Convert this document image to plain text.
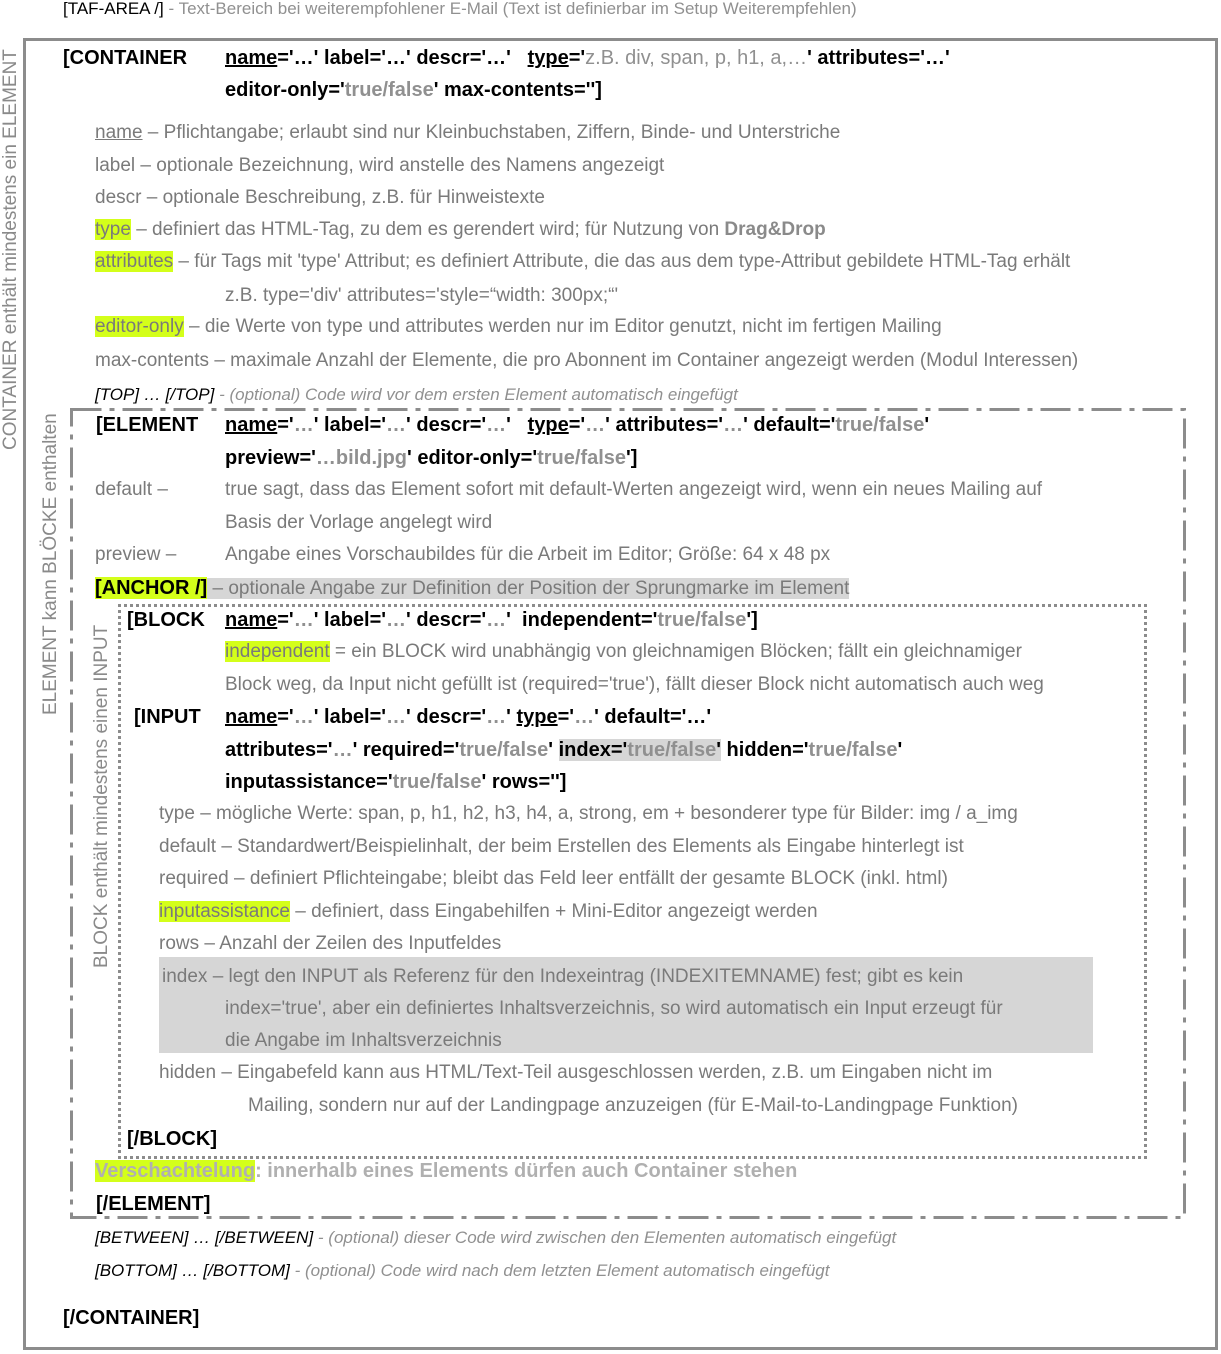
[TAF-AREA /] - Text-Bereich bei weiterempfohlener E-Mail (Text ist definierbar im Setup Weiterempfehlen)
CONTAINER enthält mindestens ein ELEMENT
ELEMENT kann BLÖCKE enthalten
BLOCK enthält mindestens einen INPUT
[CONTAINER name='…' label='…' descr='…' type='z.B. div, span, p, h1, a,…' attributes='…'
editor-only='true/false' max-contents='']
name – Pflichtangabe; erlaubt sind nur Kleinbuchstaben, Ziffern, Binde- und Unterstriche
label – optionale Bezeichnung, wird anstelle des Namens angezeigt
descr – optionale Beschreibung, z.B. für Hinweistexte
type – definiert das HTML-Tag, zu dem es gerendert wird; für Nutzung von Drag&Drop
attributes – für Tags mit 'type' Attribut; es definiert Attribute, die das aus dem type-Attribut gebildete HTML-Tag erhält
z.B. type='div' attributes='style=“width: 300px;“'
editor-only – die Werte von type und attributes werden nur im Editor genutzt, nicht im fertigen Mailing
max-contents – maximale Anzahl der Elemente, die pro Abonnent im Container angezeigt werden (Modul Interessen)
[TOP] … [/TOP] - (optional) Code wird vor dem ersten Element automatisch eingefügt
[ELEMENT name='…' label='…' descr='…' type='…' attributes='…' default='true/false'
preview='…bild.jpg' editor-only='true/false']
default –	true sagt, dass das Element sofort mit default-Werten angezeigt wird, wenn ein neues Mailing auf
Basis der Vorlage angelegt wird
preview –	Angabe eines Vorschaubildes für die Arbeit im Editor; Größe: 64 x 48 px
[ANCHOR /] – optionale Angabe zur Definition der Position der Sprungmarke im Element
[BLOCK name='…' label='…' descr='…'  independent='true/false']
independent = ein BLOCK wird unabhängig von gleichnamigen Blöcken; fällt ein gleichnamiger
Block weg, da Input nicht gefüllt ist (required='true'), fällt dieser Block nicht automatisch auch weg
[INPUT name='…' label='…' descr='…' type='…' default='…'
attributes='…' required='true/false' index='true/false' hidden='true/false'
inputassistance='true/false' rows='']
type – mögliche Werte: span, p, h1, h2, h3, h4, a, strong, em + besonderer type für Bilder: img / a_img
default – Standardwert/Beispielinhalt, der beim Erstellen des Elements als Eingabe hinterlegt ist
required – definiert Pflichteingabe; bleibt das Feld leer entfällt der gesamte BLOCK (inkl. html)
inputassistance – definiert, dass Eingabehilfen + Mini-Editor angezeigt werden
rows – Anzahl der Zeilen des Inputfeldes
index – legt den INPUT als Referenz für den Indexeintrag (INDEXITEMNAME) fest; gibt es kein
index='true', aber ein definiertes Inhaltsverzeichnis, so wird automatisch ein Input erzeugt für
die Angabe im Inhaltsverzeichnis
hidden – Eingabefeld kann aus HTML/Text-Teil ausgeschlossen werden, z.B. um Eingaben nicht im
Mailing, sondern nur auf der Landingpage anzuzeigen (für E-Mail-to-Landingpage Funktion)
[/BLOCK]
Verschachtelung: innerhalb eines Elements dürfen auch Container stehen
[/ELEMENT]
[BETWEEN] … [/BETWEEN] - (optional) dieser Code wird zwischen den Elementen automatisch eingefügt
[BOTTOM] … [/BOTTOM] - (optional) Code wird nach dem letzten Element automatisch eingefügt
[/CONTAINER]
